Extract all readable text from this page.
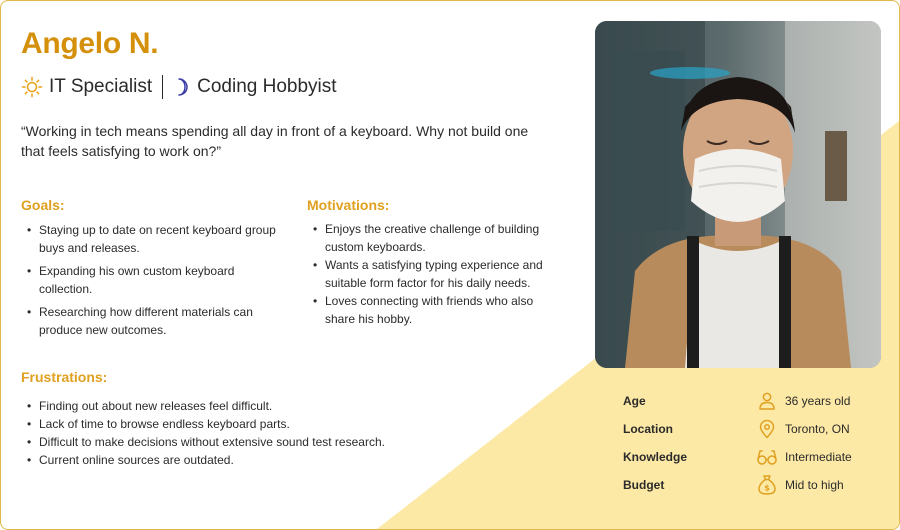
Angelo N.
IT Specialist Coding Hobbyist

“Working in tech means spending all day in front of a keyboard. Why not build one that feels satisfying to work on?”

Goals:
• Staying up to date on recent keyboard group buys and releases.
• Expanding his own custom keyboard collection.
• Researching how different materials can produce new outcomes.
Motivations:
• Enjoys the creative challenge of building custom keyboards.
• Wants a satisfying typing experience and suitable form factor for his daily needs.
• Loves connecting with friends who also share his hobby.
Frustrations:
• Finding out about new releases feel difficult.
• Lack of time to browse endless keyboard parts.
• Difficult to make decisions without extensive sound test research.
• Current online sources are outdated.
Age	36 years old
Location	Toronto, ON
Knowledge	Intermediate
Budget	$ Mid to high
